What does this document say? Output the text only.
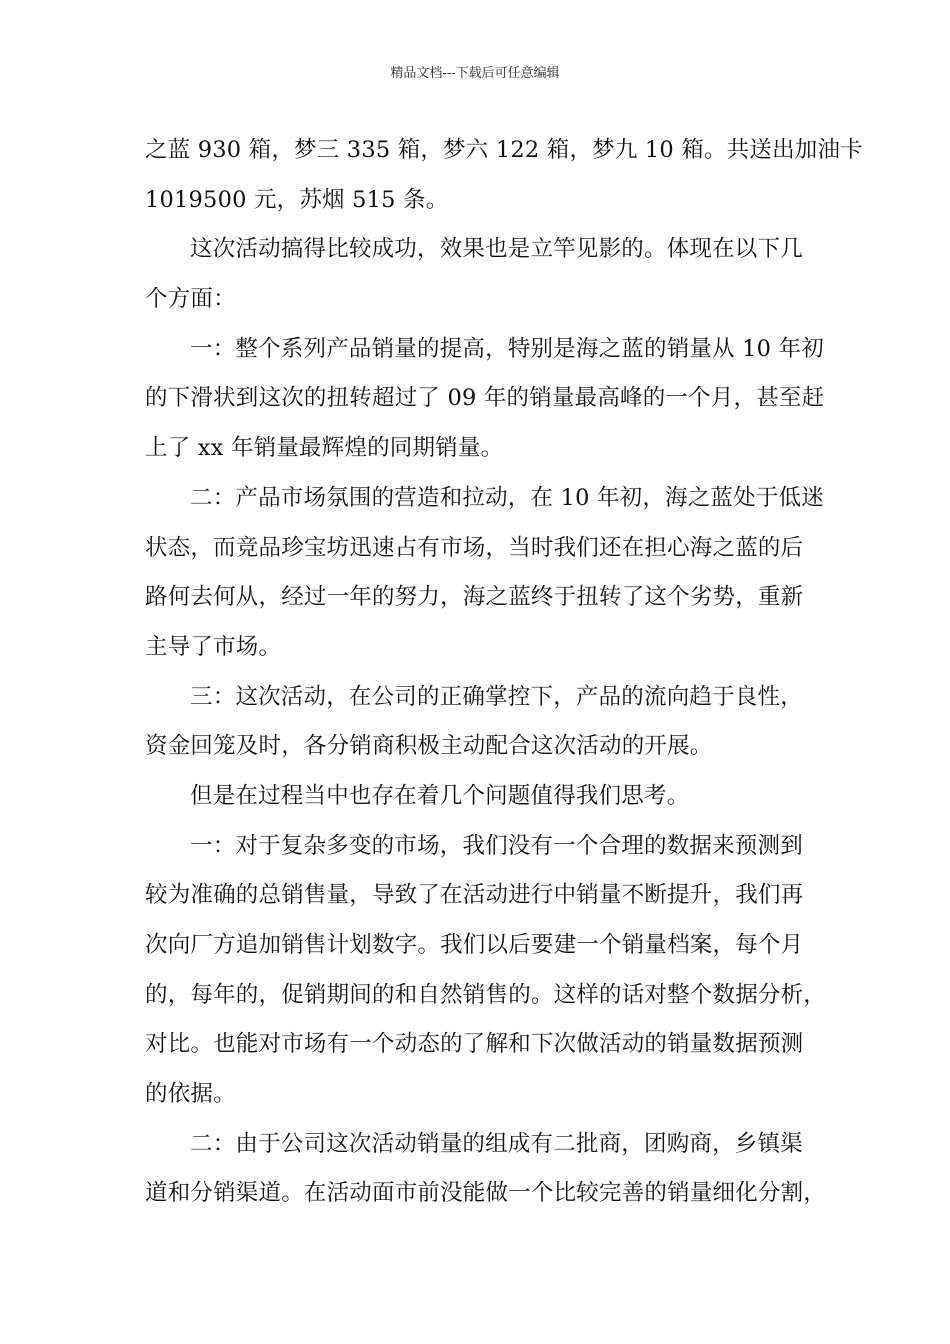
精品文档---下载后可任意编辑
之蓝 930 箱，梦三 335 箱，梦六 122 箱，梦九 10 箱。共送出加油卡
1019500 元，苏烟 515 条。
这次活动搞得比较成功，效果也是立竿见影的。体现在以下几
个方面：
一：整个系列产品销量的提高，特别是海之蓝的销量从 10 年初
的下滑状到这次的扭转超过了 09 年的销量最高峰的一个月，甚至赶
上了 xx 年销量最辉煌的同期销量。
二：产品市场氛围的营造和拉动，在 10 年初，海之蓝处于低迷
状态，而竞品珍宝坊迅速占有市场，当时我们还在担心海之蓝的后
路何去何从，经过一年的努力，海之蓝终于扭转了这个劣势，重新
主导了市场。
三：这次活动，在公司的正确掌控下，产品的流向趋于良性，
资金回笼及时，各分销商积极主动配合这次活动的开展。
但是在过程当中也存在着几个问题值得我们思考。
一：对于复杂多变的市场，我们没有一个合理的数据来预测到
较为准确的总销售量，导致了在活动进行中销量不断提升，我们再
次向厂方追加销售计划数字。我们以后要建一个销量档案，每个月
的，每年的，促销期间的和自然销售的。这样的话对整个数据分析，
对比。也能对市场有一个动态的了解和下次做活动的销量数据预测
的依据。
二：由于公司这次活动销量的组成有二批商，团购商，乡镇渠
道和分销渠道。在活动面市前没能做一个比较完善的销量细化分割，
